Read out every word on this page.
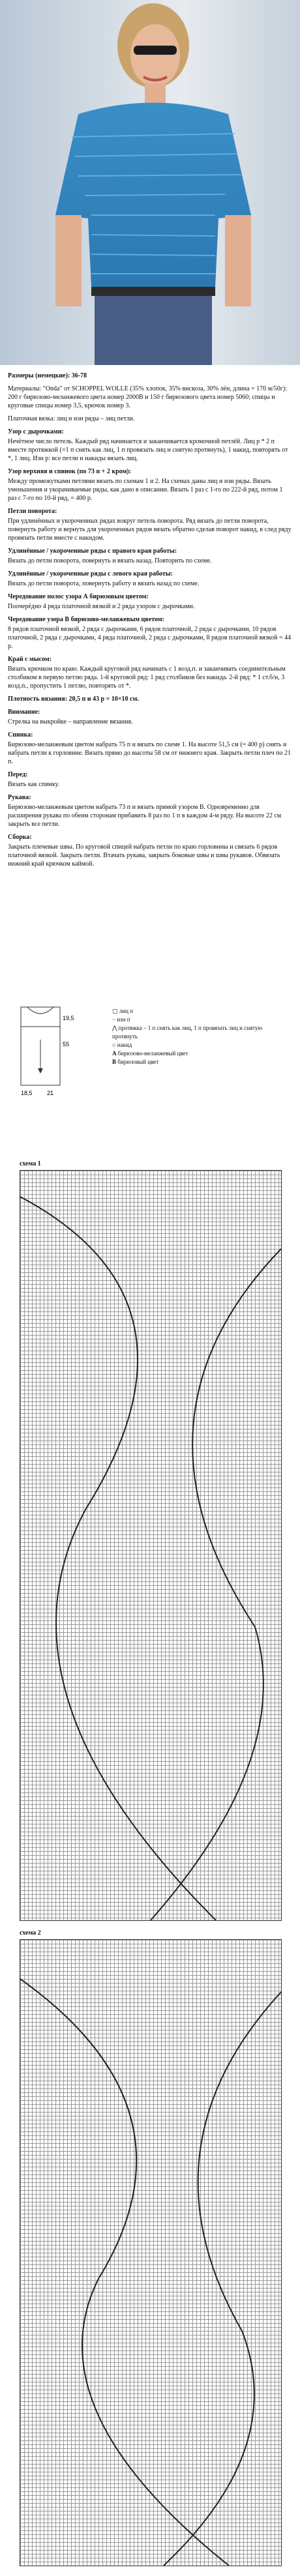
Размеры (немецкие): 36-78

Материалы: "Onda" от SCHOPPEL WOLLE (35% хлопок, 35% вискоза, 30% лён, длина = 170 м/50г): 200 г бирюзово-меланжевого цвета номер 2000В и 150 г бирюзового цвета номер 5060; спицы и круговые спицы номер 3,5, крючок номер 3.

Платочная вязка: лиц и изн ряды – лиц петли.

Узор с дырочками:

Нечётное число петель. Каждый ряд начинается и заканчивается кромочной петлёй. Лиц р * 2 п вместе протяжкой (=1 п снять как лиц, 1 п провязать лиц и снятую протянуть), 1 накид, повторять от *, 1 лиц. Изн р: все петли и накиды вязать лиц.

Узор верхняя и спинок (по 73 п + 2 кром):

Между промежутками петлями вязать по схемам 1 и 2. На схемах даны лиц и изн ряды. Вязать уменьшения и укорачиваемые ряды, как дано в описании. Вязать 1 раз с 1-го по 222-й ряд, потом 1 раз с 7-го по 10-й ряд, = 400 р.

Петли поворота:

При удлинённых и укороченных рядах вокруг петель поворота. Ряд вязать до петли поворота, повернуть работу и вернуть для укороченных рядов вязать обратно сделав поворот накид, в след ряду провязать петли вместе с накидом.

Удлинённые / укороченные ряды с правого края работы:

Вязать до петли поворота, повернуть и вязать назад. Повторить по схеме.

Удлинённые / укороченные ряды с левого края работы:

Вязать до петли поворота, повернуть работу и вязать назад по схеме.

Чередование полос узора А бирюзовым цветом:

Поочерёдно 4 ряда платочной вязкой и 2 ряда узором с дырочками.

Чередование узора В бирюзово-меланжевым цветом:

8 рядов платочной вязкой, 2 ряда с дырочками, 6 рядов платочной, 2 ряда с дырочками, 10 рядов платочной, 2 ряда с дырочками, 4 ряда платочной, 2 ряда с дырочками, 8 рядов платочной вязкой = 44 р.

Край с мысом:

Вязать крючком по краю. Каждый круговой ряд начинать с 1 возд.п. и заканчивать соединительным столбиком в первую петлю ряда. 1-й круговой ряд: 1 ряд столбиков без накида. 2-й ряд: * 1 ст.б/н, 3 возд.п., пропустить 1 петлю, повторять от *.

Плотность вязания: 20,5 п и 43 р = 10×10 см.

Внимание:

Стрелка на выкройке – направление вязания.

Спинка:

Бирюзово-меланжевым цветом набрать 75 п и вязать по схеме 1. На высоте 51,5 см (= 400 р) снять и набрать петли к горловине. Вязать прямо до высоты 58 см от нижнего края. Закрыть петли плеч по 21 п.

Перед:

Вязать как спинку.

Рукава:

Бирюзово-меланжевым цветом набрать 73 п и вязать прямой узором В. Одновременно для расширения рукава по обеим сторонам прибавить 8 раз по 1 п в каждом 4-м ряду. На высоте 22 см закрыть все петли.

Сборка:

Закрыть плечевые швы. По круговой спицей набрать петли по краю горловины и связать 6 рядов платочной вязкой. Закрыть петли. Втачать рукава, закрыть боковые швы и швы рукавов. Обвязать нижний край крючком каймой.

55
19,5
18,5 21
▢ лиц п
− изн п
⋀ протяжка – 1 п снять как лиц, 1 п провязать лиц и снятую протянуть
○ накид
A бирюзово-меланжевый цвет
B бирюзовый цвет
схема 1
схема 2
